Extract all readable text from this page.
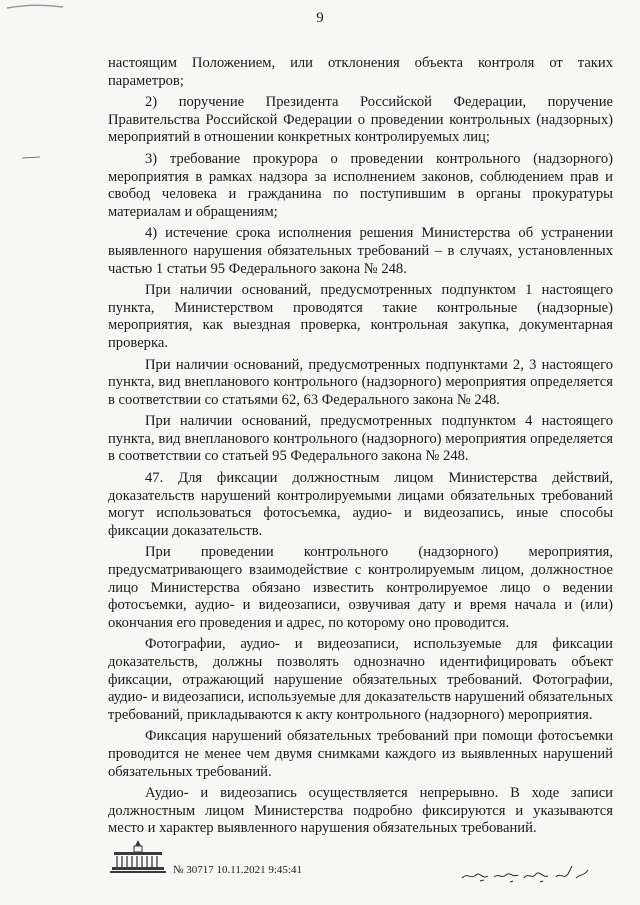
9

настоящим Положением, или отклонения объекта контроля от таких параметров;

2) поручение Президента Российской Федерации, поручение Правительства Российской Федерации о проведении контрольных (надзорных) мероприятий в отношении конкретных контролируемых лиц;

3) требование прокурора о проведении контрольного (надзорного) мероприятия в рамках надзора за исполнением законов, соблюдением прав и свобод человека и гражданина по поступившим в органы прокуратуры материалам и обращениям;

4) истечение срока исполнения решения Министерства об устранении выявленного нарушения обязательных требований – в случаях, установленных частью 1 статьи 95 Федерального закона № 248.

При наличии оснований, предусмотренных подпунктом 1 настоящего пункта, Министерством проводятся такие контрольные (надзорные) мероприятия, как выездная проверка, контрольная закупка, документарная проверка.

При наличии оснований, предусмотренных подпунктами 2, 3 настоящего пункта, вид внепланового контрольного (надзорного) мероприятия определяется в соответствии со статьями 62, 63 Федерального закона № 248.

При наличии оснований, предусмотренных подпунктом 4 настоящего пункта, вид внепланового контрольного (надзорного) мероприятия определяется в соответствии со статьей 95 Федерального закона № 248.

47. Для фиксации должностным лицом Министерства действий, доказательств нарушений контролируемыми лицами обязательных требований могут использоваться фотосъемка, аудио- и видеозапись, иные способы фиксации доказательств.

При проведении контрольного (надзорного) мероприятия, предусматривающего взаимодействие с контролируемым лицом, должностное лицо Министерства обязано известить контролируемое лицо о ведении фотосъемки, аудио- и видеозаписи, озвучивая дату и время начала и (или) окончания его проведения и адрес, по которому оно проводится.

Фотографии, аудио- и видеозаписи, используемые для фиксации доказательств, должны позволять однозначно идентифицировать объект фиксации, отражающий нарушение обязательных требований. Фотографии, аудио- и видеозаписи, используемые для доказательств нарушений обязательных требований, прикладываются к акту контрольного (надзорного) мероприятия.

Фиксация нарушений обязательных требований при помощи фотосъемки проводится не менее чем двумя снимками каждого из выявленных нарушений обязательных требований.

Аудио- и видеозапись осуществляется непрерывно. В ходе записи должностным лицом Министерства подробно фиксируются и указываются место и характер выявленного нарушения обязательных требований.

№ 30717 10.11.2021 9:45:41
